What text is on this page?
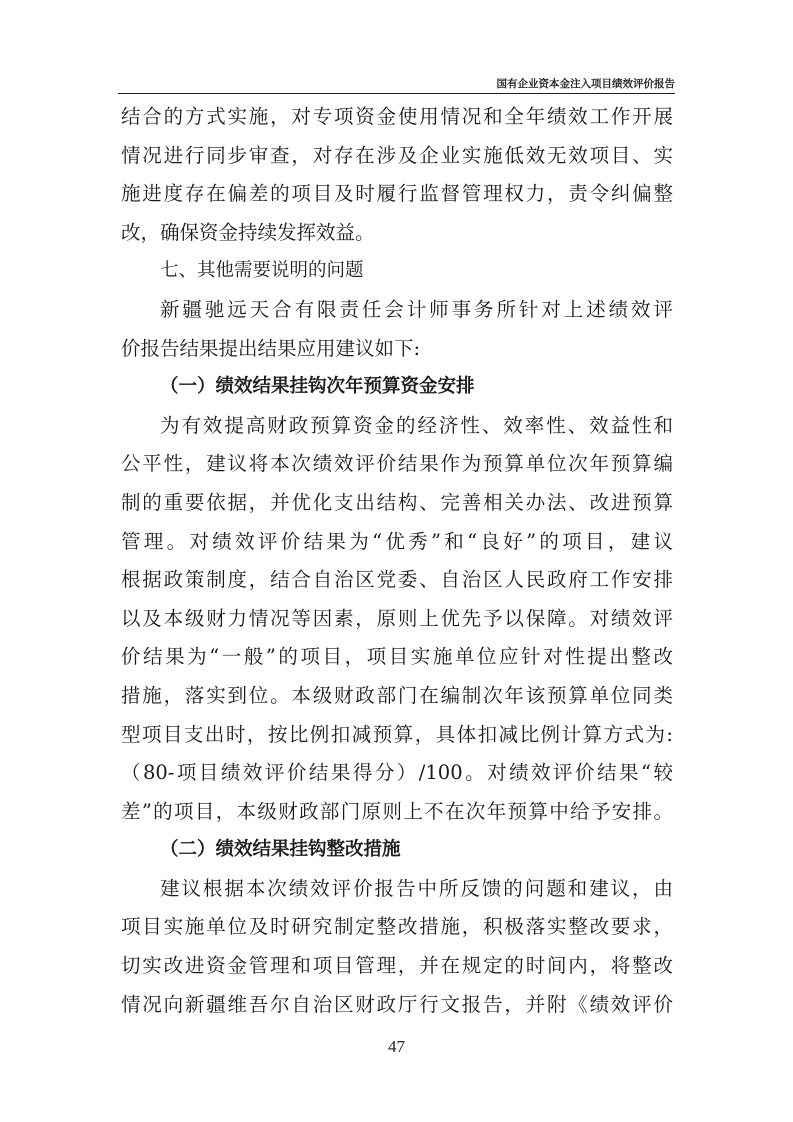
国有企业资本金注入项目绩效评价报告
结合的方式实施，对专项资金使用情况和全年绩效工作开展
情况进行同步审查，对存在涉及企业实施低效无效项目、实
施进度存在偏差的项目及时履行监督管理权力，责令纠偏整
改，确保资金持续发挥效益。
七、其他需要说明的问题
新疆驰远天合有限责任会计师事务所针对上述绩效评
价报告结果提出结果应用建议如下:
（一）绩效结果挂钩次年预算资金安排
为有效提高财政预算资金的经济性、效率性、效益性和
公平性，建议将本次绩效评价结果作为预算单位次年预算编
制的重要依据，并优化支出结构、完善相关办法、改进预算
管理。对绩效评价结果为“优秀”和“良好”的项目，建议
根据政策制度，结合自治区党委、自治区人民政府工作安排
以及本级财力情况等因素，原则上优先予以保障。对绩效评
价结果为“一般”的项目，项目实施单位应针对性提出整改
措施，落实到位。本级财政部门在编制次年该预算单位同类
型项目支出时，按比例扣减预算，具体扣减比例计算方式为:
（80-项目绩效评价结果得分）/100。对绩效评价结果“较
差”的项目，本级财政部门原则上不在次年预算中给予安排。
（二）绩效结果挂钩整改措施
建议根据本次绩效评价报告中所反馈的问题和建议，由
项目实施单位及时研究制定整改措施，积极落实整改要求，
切实改进资金管理和项目管理，并在规定的时间内，将整改
情况向新疆维吾尔自治区财政厅行文报告，并附《绩效评价
47
